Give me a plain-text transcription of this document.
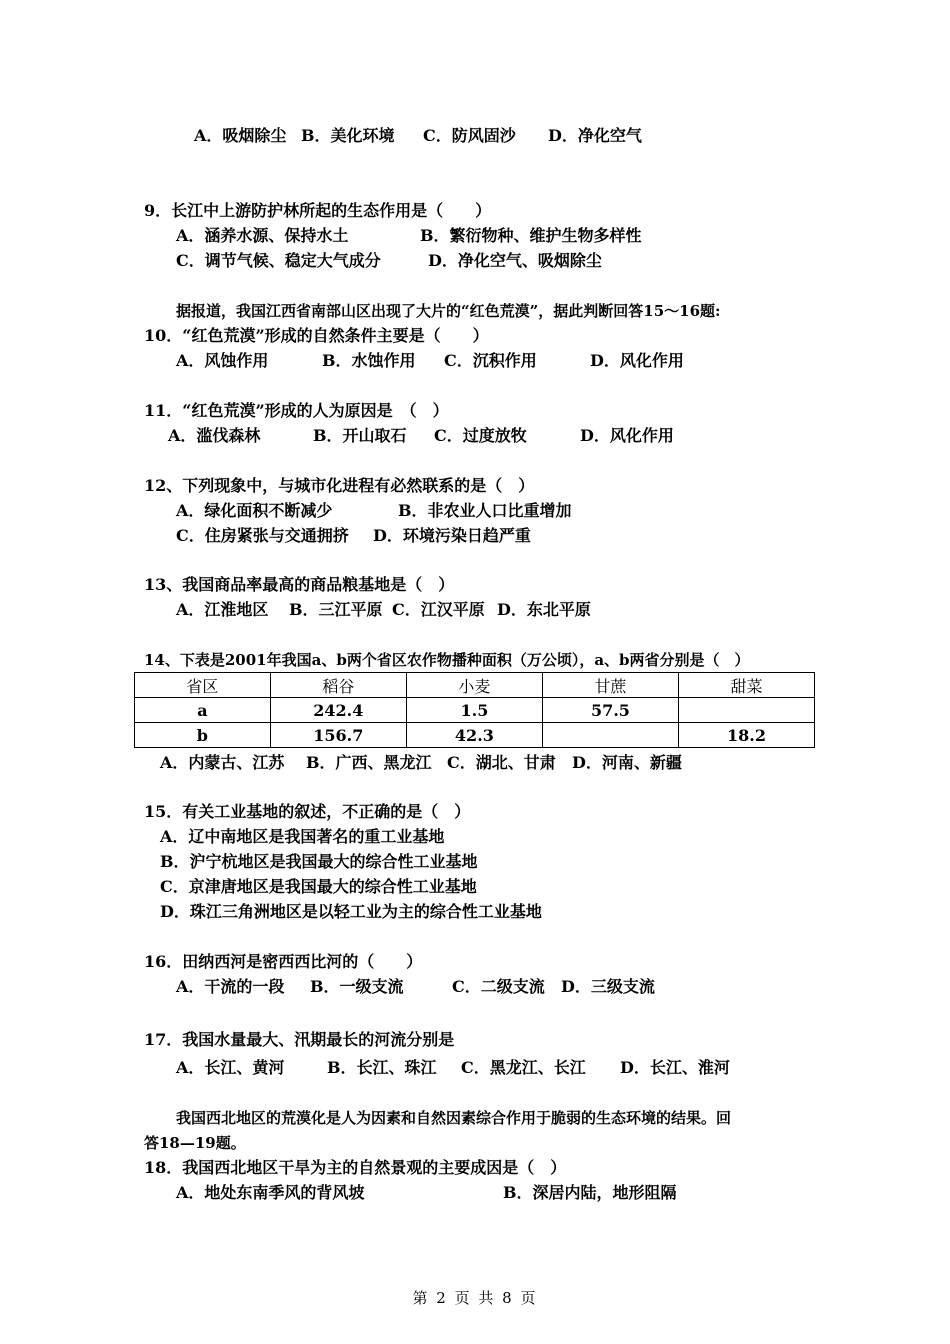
A．吸烟除尘 B．美化环境 C．防风固沙 D．净化空气
9．长江中上游防护林所起的生态作用是（　　）
A．涵养水源、保持水土	B．繁衍物种、维护生物多样性
C．调节气候、稳定大气成分	D．净化空气、吸烟除尘
据报道，我国江西省南部山区出现了大片的“红色荒漠”，据此判断回答15～16题:
10．“红色荒漠”形成的自然条件主要是（　　）
A．风蚀作用	B．水蚀作用 C．沉积作用	D．风化作用
11．“红色荒漠”形成的人为原因是　（　）
A．滥伐森林	B．开山取石 C．过度放牧	D．风化作用
12、下列现象中，与城市化进程有必然联系的是（　）
A．绿化面积不断减少	B．非农业人口比重增加
C．住房紧张与交通拥挤 D．环境污染日趋严重
13、我国商品率最高的商品粮基地是（　）
A．江淮地区 B．三江平原 C．江汉平原 D．东北平原
14、下表是2001年我国a、b两个省区农作物播种面积（万公顷），a、b两省分别是（　）
省区	稻谷	小麦	甘蔗	甜菜
a	242.4	1.5	57.5	
b	156.7	42.3		18.2
A．内蒙古、江苏 B．广西、黑龙江 C．湖北、甘肃 D．河南、新疆
15．有关工业基地的叙述，不正确的是（　）
A．辽中南地区是我国著名的重工业基地
B．沪宁杭地区是我国最大的综合性工业基地
C．京津唐地区是我国最大的综合性工业基地
D．珠江三角洲地区是以轻工业为主的综合性工业基地
16．田纳西河是密西西比河的（　　）
A．干流的一段 B．一级支流	C．二级支流 D．三级支流
17．我国水量最大、汛期最长的河流分别是
A．长江、黄河	B．长江、珠江 C．黑龙江、长江 D．长江、淮河
我国西北地区的荒漠化是人为因素和自然因素综合作用于脆弱的生态环境的结果。回
答18—19题。
18．我国西北地区干旱为主的自然景观的主要成因是（　）
A．地处东南季风的背风坡	B．深居内陆，地形阻隔
第 2 页 共 8 页
